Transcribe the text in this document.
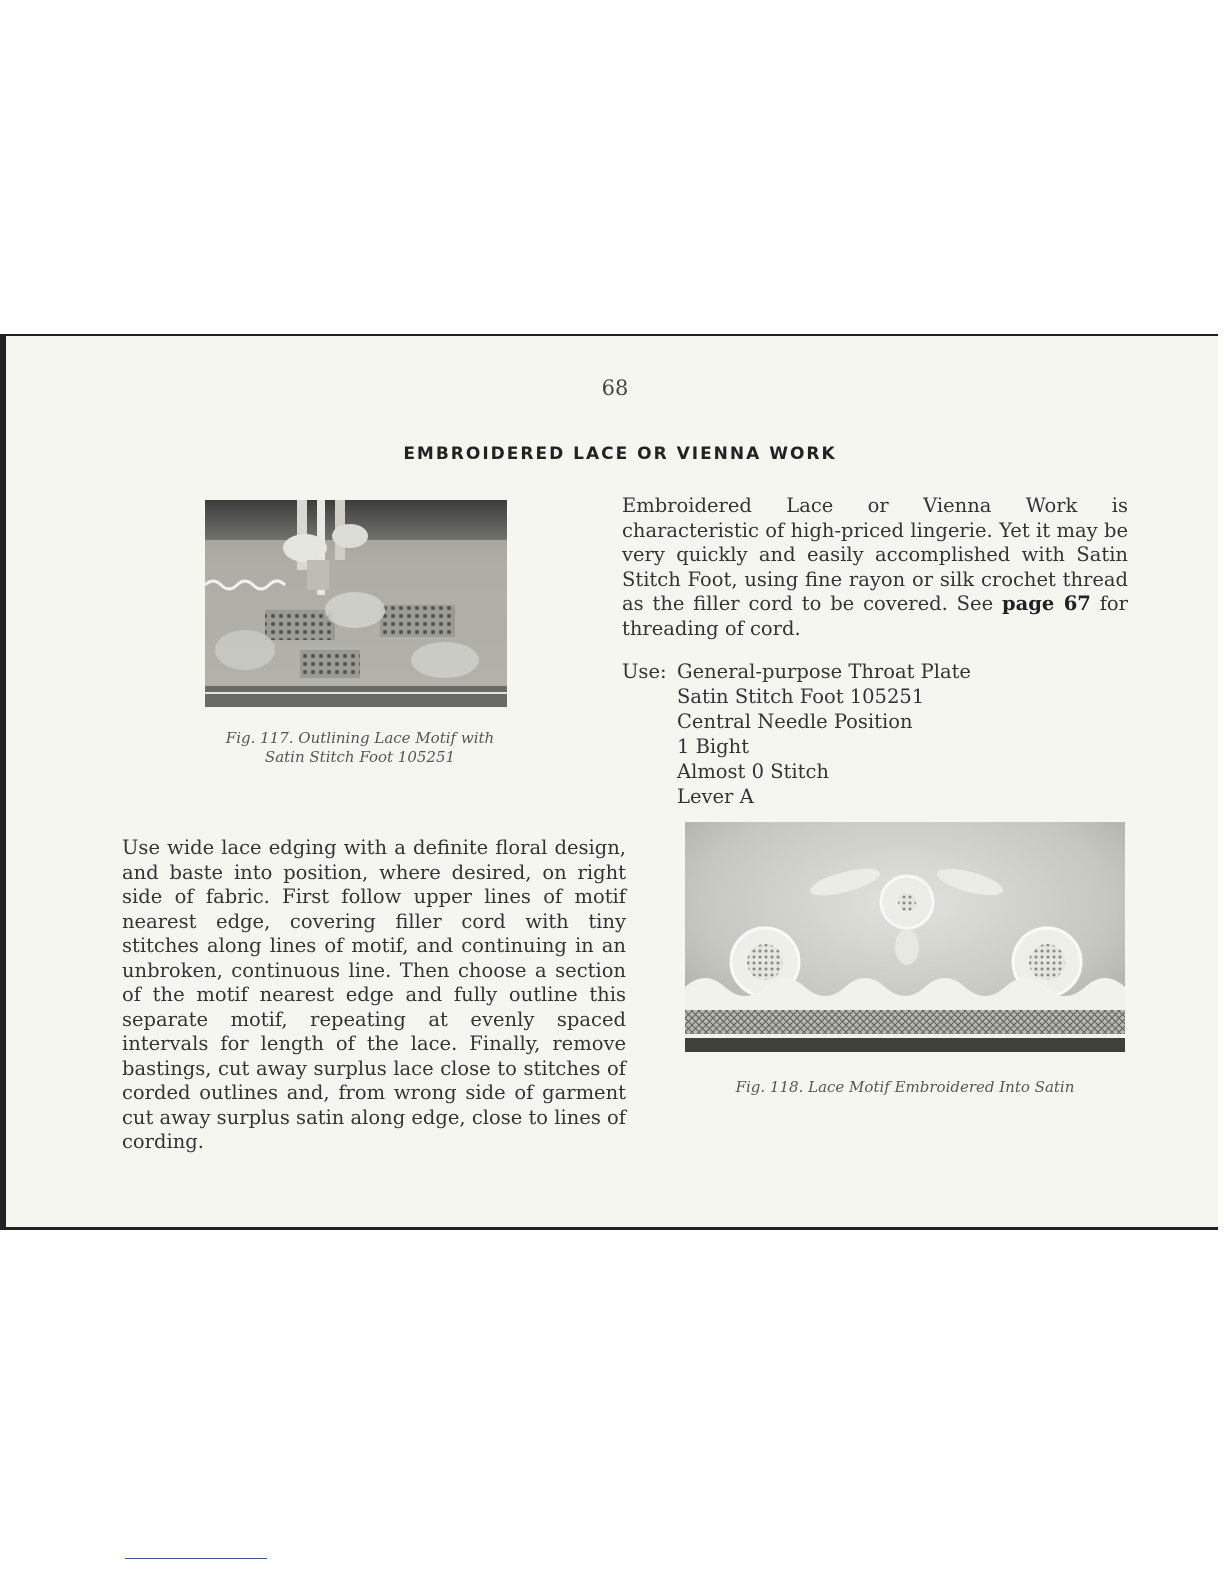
68
EMBROIDERED LACE OR VIENNA WORK
Fig. 117. Outlining Lace Motif with
Satin Stitch Foot 105251
Embroidered Lace or Vienna Work is characteristic of high-priced lingerie. Yet it may be very quickly and easily accomplished with Satin Stitch Foot, using fine rayon or silk crochet thread as the filler cord to be covered. See page 67 for threading of cord.
Use: General-purpose Throat Plate
Satin Stitch Foot 105251
Central Needle Position
1 Bight
Almost 0 Stitch
Lever A
Fig. 118. Lace Motif Embroidered Into Satin
Use wide lace edging with a definite floral design, and baste into position, where desired, on right side of fabric. First follow upper lines of motif nearest edge, covering filler cord with tiny stitches along lines of motif, and continuing in an unbroken, continuous line. Then choose a section of the motif nearest edge and fully outline this separate motif, repeating at evenly spaced intervals for length of the lace. Finally, remove bastings, cut away surplus lace close to stitches of corded outlines and, from wrong side of garment cut away surplus satin along edge, close to lines of cording.
